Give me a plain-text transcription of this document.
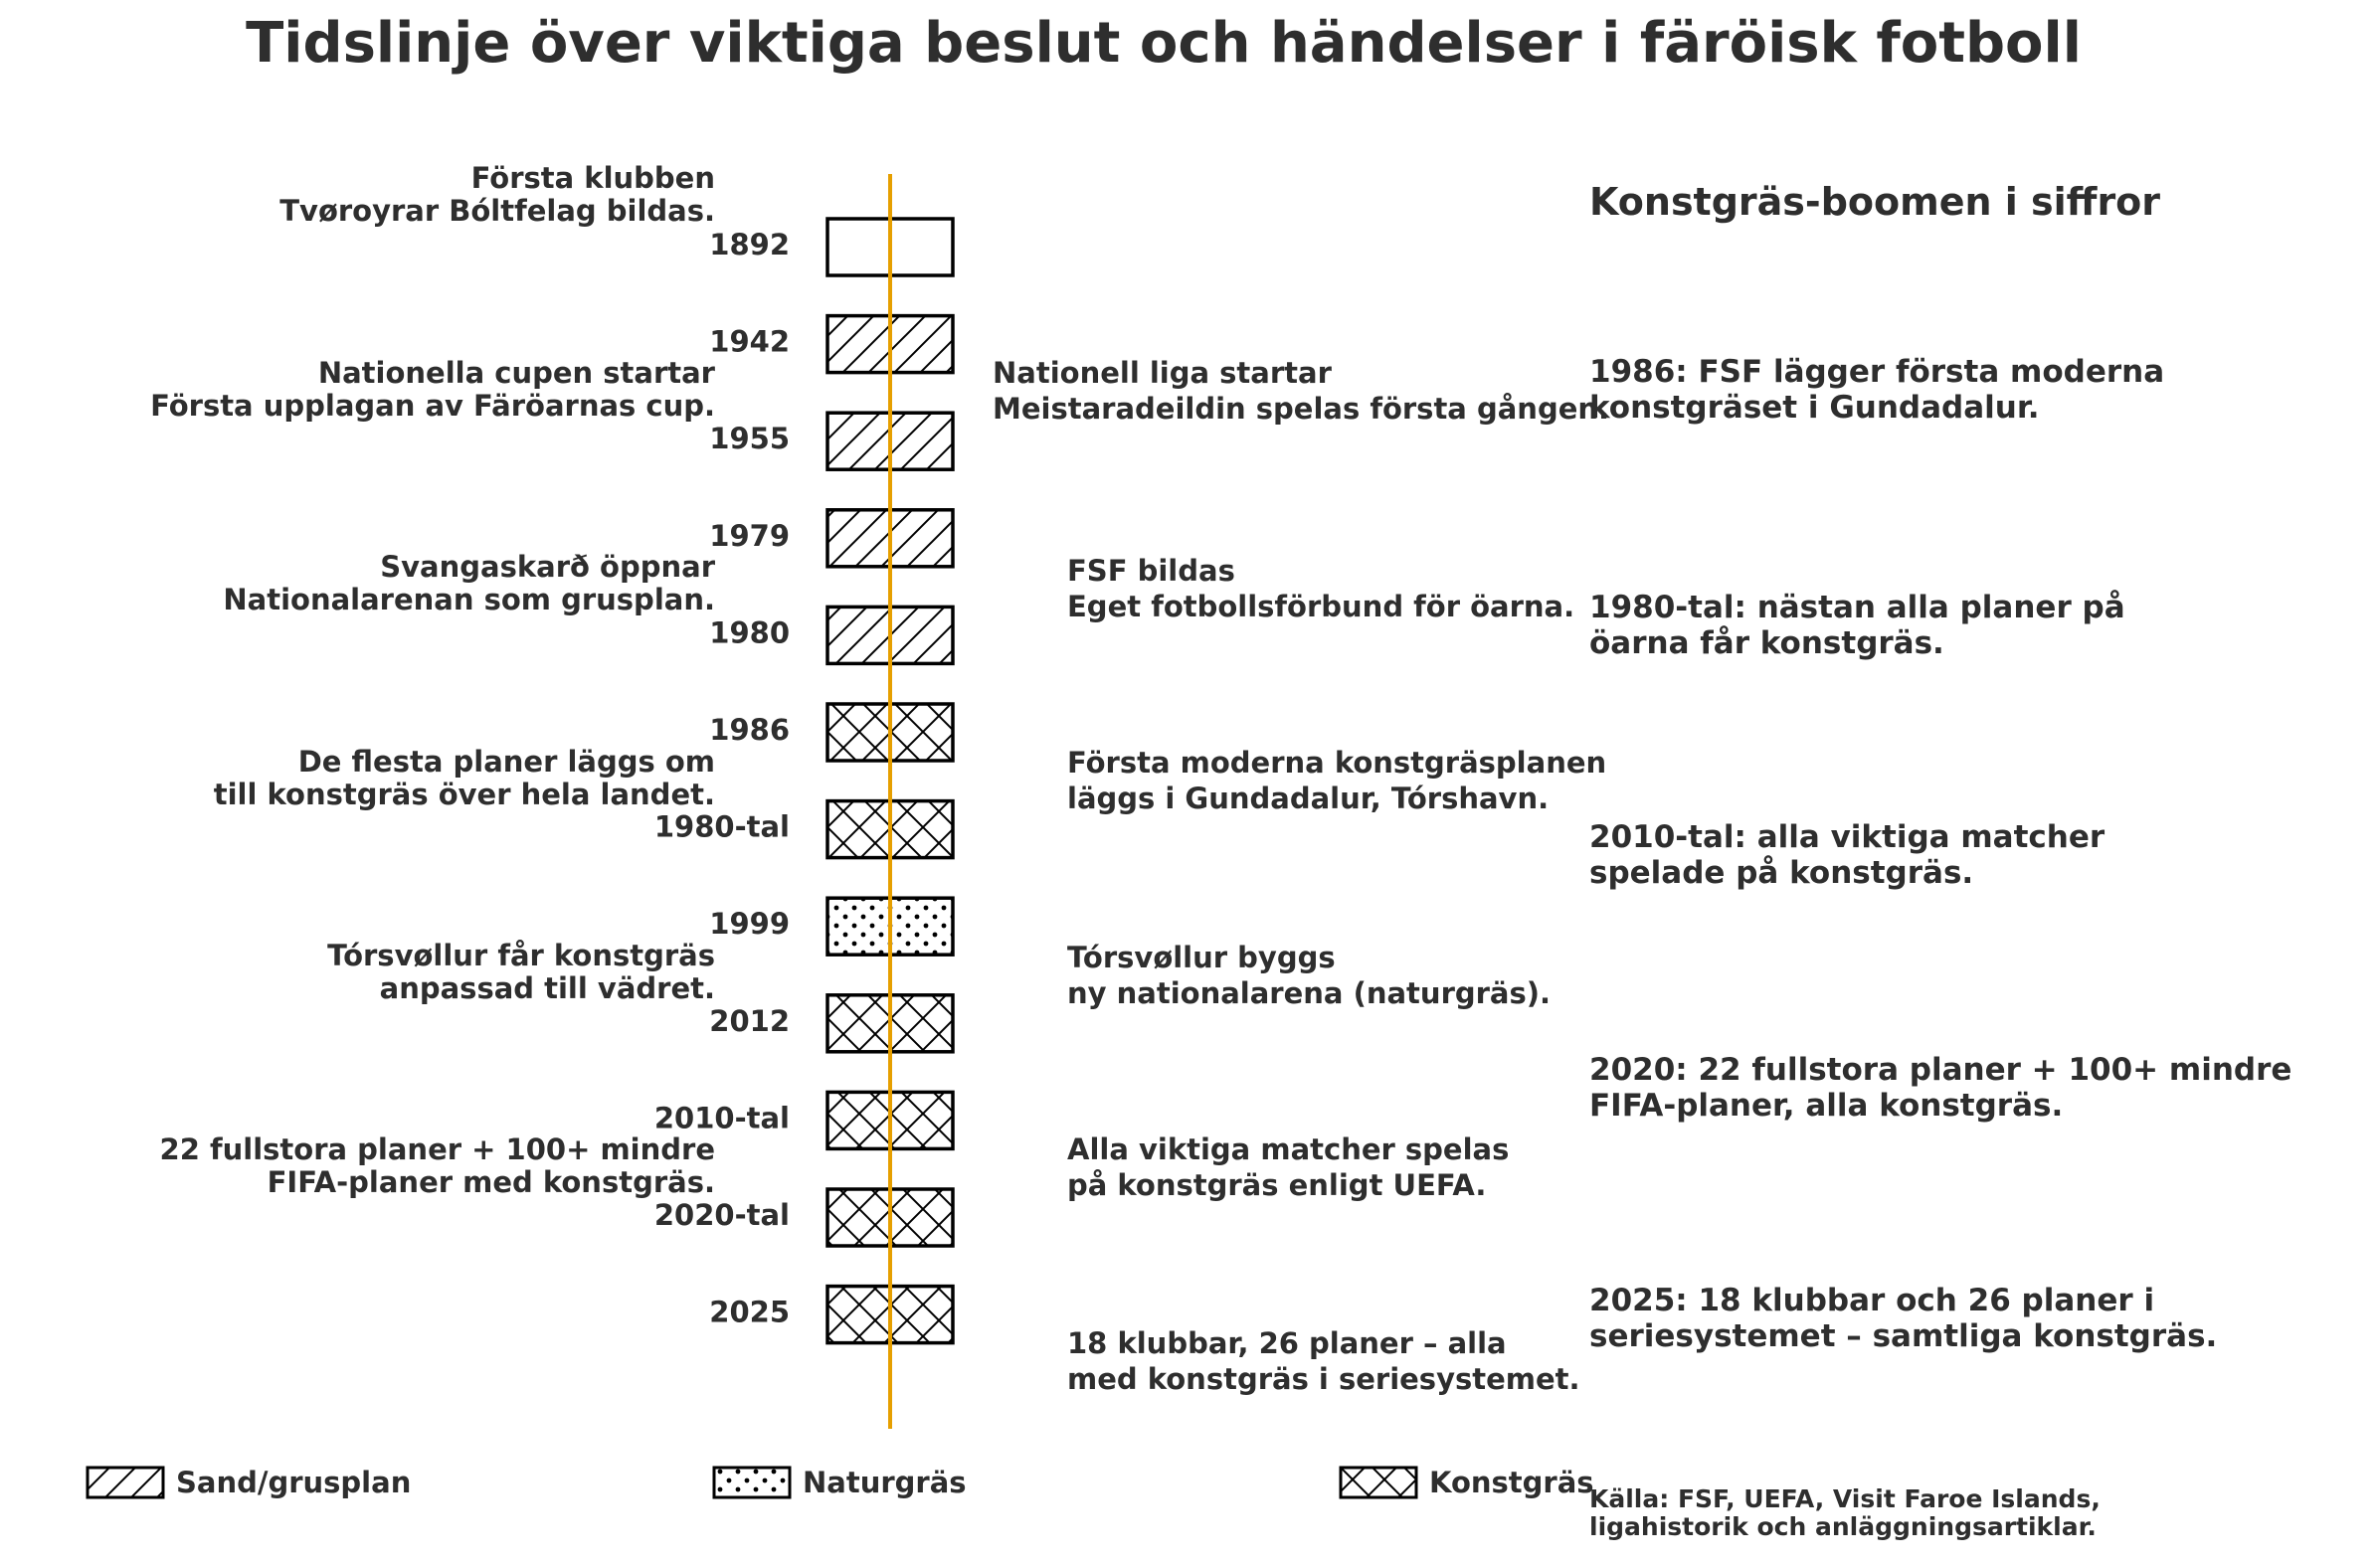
Tidslinje över viktiga beslut och händelser i färöisk fotboll
1892
1942
1955
1979
1980
1986
1980-tal
1999
2012
2010-tal
2020-tal
2025
Första klubben
Tvøroyrar Bóltfelag bildas.
Nationella cupen startar
Första upplagan av Färöarnas cup.
Svangaskarð öppnar
Nationalarenan som grusplan.
De flesta planer läggs om
till konstgräs över hela landet.
Tórsvøllur får konstgräs
anpassad till vädret.
22 fullstora planer + 100+ mindre
FIFA-planer med konstgräs.
Nationell liga startar
Meistaradeildin spelas första gången.
FSF bildas
Eget fotbollsförbund för öarna.
Första moderna konstgräsplanen
läggs i Gundadalur, Tórshavn.
Tórsvøllur byggs
ny nationalarena (naturgräs).
Alla viktiga matcher spelas
på konstgräs enligt UEFA.
18 klubbar, 26 planer – alla
med konstgräs i seriesystemet.
Konstgräs-boomen i siffror
1986: FSF lägger första moderna
konstgräset i Gundadalur.
1980-tal: nästan alla planer på
öarna får konstgräs.
2010-tal: alla viktiga matcher
spelade på konstgräs.
2020: 22 fullstora planer + 100+ mindre
FIFA-planer, alla konstgräs.
2025: 18 klubbar och 26 planer i
seriesystemet – samtliga konstgräs.
Källa: FSF, UEFA, Visit Faroe Islands,
ligahistorik och anläggningsartiklar.
Sand/grusplan	Naturgräs	Konstgräs
